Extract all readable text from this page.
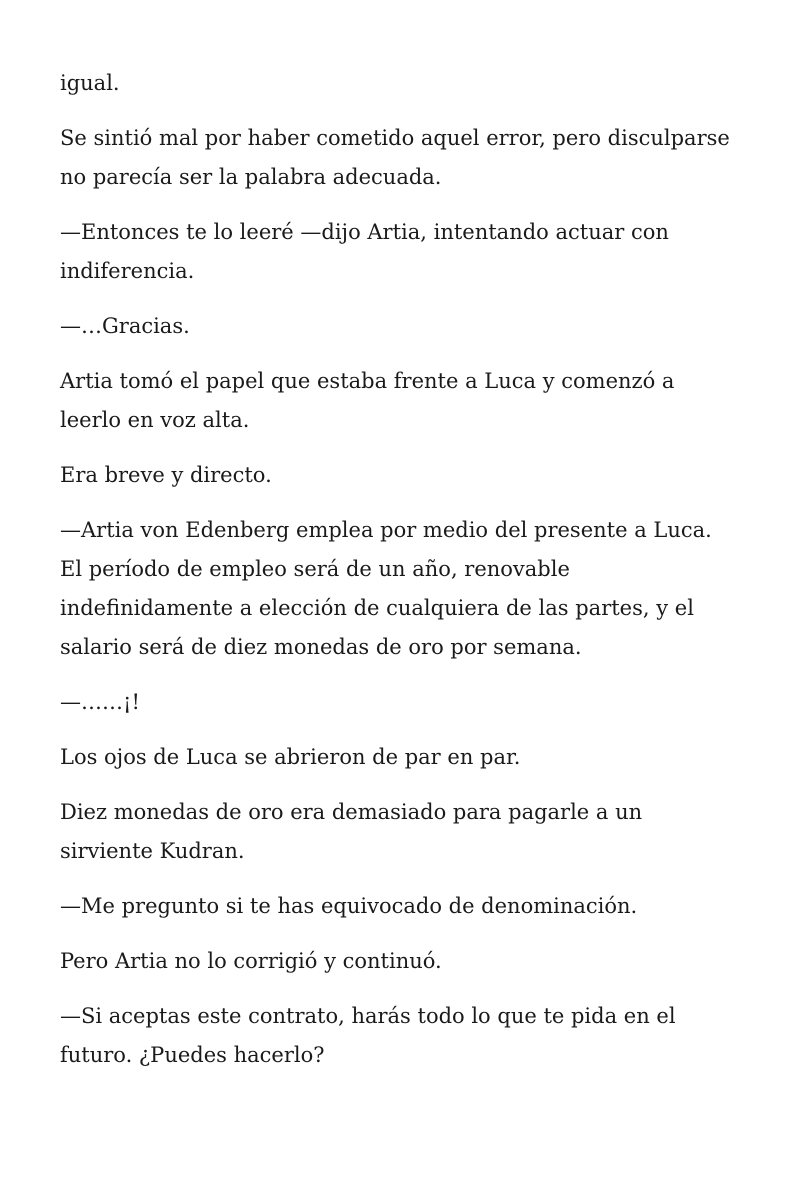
igual.

Se sintió mal por haber cometido aquel error, pero disculparse no parecía ser la palabra adecuada.

—Entonces te lo leeré —dijo Artia, intentando actuar con indiferencia.

—…Gracias.

Artia tomó el papel que estaba frente a Luca y comenzó a leerlo en voz alta.

Era breve y directo.

—Artia von Edenberg emplea por medio del presente a Luca. El período de empleo será de un año, renovable indefinidamente a elección de cualquiera de las partes, y el salario será de diez monedas de oro por semana.

—……¡!

Los ojos de Luca se abrieron de par en par.

Diez monedas de oro era demasiado para pagarle a un sirviente Kudran.

—Me pregunto si te has equivocado de denominación.

Pero Artia no lo corrigió y continuó.

—Si aceptas este contrato, harás todo lo que te pida en el futuro. ¿Puedes hacerlo?
